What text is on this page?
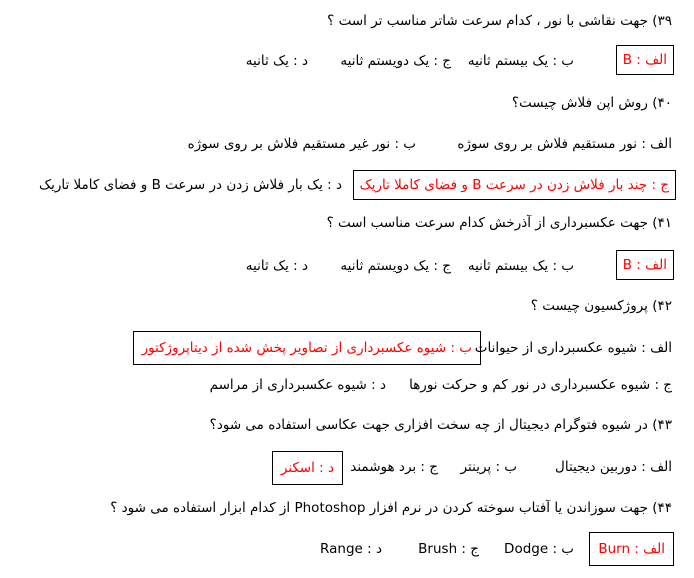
۳۹) جهت نقاشی با نور ، کدام سرعت شاتر مناسب تر است ؟
الف : B
ب : یک بیستم ثانیه
ج : یک دویستم ثانیه
د : یک ثانیه
۴۰) روش اپن فلاش چیست؟
الف : نور مستقیم فلاش بر روی سوژه
ب : نور غیر مستقیم فلاش بر روی سوژه
ج : چند بار فلاش زدن در سرعت B و فضای کاملا تاریک
د : یک بار فلاش زدن در سرعت B و فضای کاملا تاریک
۴۱) جهت عکسبرداری از آذرخش کدام سرعت مناسب است ؟
الف : B
ب : یک بیستم ثانیه
ج : یک دویستم ثانیه
د : یک ثانیه
۴۲) پروژکسیون چیست ؟
الف : شیوه عکسبرداری از حیوانات
ب : شیوه عکسبرداری از تصاویر پخش شده از دیتاپروژکتور
ج : شیوه عکسبرداری در نور کم و حرکت نورها
د : شیوه عکسبرداری از مراسم
۴۳) در شیوه فتوگرام دیجیتال از چه سخت افزاری جهت عکاسی استفاده می شود؟
الف : دوربین دیجیتال
ب : پرینتر
ج : برد هوشمند
د : اسکنر
۴۴) جهت سوزاندن یا آفتاب سوخته کردن در نرم افزار Photoshop از کدام ابزار استفاده می شود ؟
الف : Burn
ب : Dodge
ج : Brush
د : Range
